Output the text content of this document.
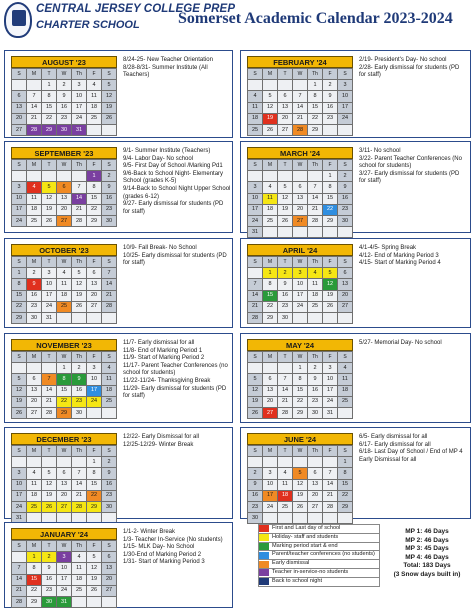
CENTRAL JERSEY COLLEGE PREP
CHARTER SCHOOL Somerset Academic Calendar 2023-2024
AUGUST '23
S	M	T	W	Th	F	S
		1	2	3	4	5
6	7	8	9	10	11	12
13	14	15	16	17	18	19
20	21	22	23	24	25	26
27	28	29	30	31		
8/24-25- New Teacher Orientation
8/28-8/31- Summer Institute (All Teachers)
FEBRUARY '24
S	M	T	W	Th	F	S
				1	2	3
4	5	6	7	8	9	10
11	12	13	14	15	16	17
18	19	20	21	22	23	24
25	26	27	28	29		
2/19- President's Day- No school
2/28- Early dismissal for students (PD for staff)
SEPTEMBER '23
S	M	T	W	Th	F	S
					1	2
3	4	5	6	7	8	9
10	11	12	13	14	15	16
17	18	19	20	21	22	23
24	25	26	27	28	29	30
9/1- Summer Institute (Teachers)
9/4- Labor Day- No school
9/5- First Day of School /Marking Pd1
9/6-Back to School Night- Elementary School (grades K-5)
9/14-Back to School Night Upper School (grades 6-12)
9/27- Early dismissal for students (PD for staff)
MARCH '24
S	M	T	W	Th	F	S
					1	2
3	4	5	6	7	8	9
10	11	12	13	14	15	16
17	18	19	20	21	22	23
24	25	26	27	28	29	30
31						
3/11- No school
3/22- Parent Teacher Conferences (No school for students)
3/27- Early dismissal for students (PD for staff)
OCTOBER '23
S	M	T	W	Th	F	S
1	2	3	4	5	6	7
8	9	10	11	12	13	14
15	16	17	18	19	20	21
22	23	24	25	26	27	28
29	30	31				
10/9- Fall Break- No School
10/25- Early dismissal for students (PD for staff)
APRIL '24
S	M	T	W	Th	F	S
	1	2	3	4	5	6
7	8	9	10	11	12	13
14	15	16	17	18	19	20
21	22	23	24	25	26	27
28	29	30				
4/1-4/5- Spring Break
4/12- End of Marking Period 3
4/15- Start of Marking Period 4
NOVEMBER '23
S	M	T	W	Th	F	S
			1	2	3	4
5	6	7	8	9	10	11
12	13	14	15	16	17	18
19	20	21	22	23	24	25
26	27	28	29	30		
11/7- Early dismissal for all
11/8- End of Marking Period 1
11/9- Start of Marking Period 2
11/17- Parent Teacher Conferences (no school for students)
11/22-11/24- Thanksgiving Break
11/29- Early dismissal for students (PD for staff)
MAY '24
S	M	T	W	Th	F	S
			1	2	3	4
5	6	7	8	9	10	11
12	13	14	15	16	17	18
19	20	21	22	23	24	25
26	27	28	29	30	31	
5/27- Memorial Day- No school
DECEMBER '23
S	M	T	W	Th	F	S
					1	2
3	4	5	6	7	8	9
10	11	12	13	14	15	16
17	18	19	20	21	22	23
24	25	26	27	28	29	30
31						
12/22- Early Dismissal for all
12/25-12/29- Winter Break
JUNE '24
S	M	T	W	Th	F	S
						1
2	3	4	5	6	7	8
9	10	11	12	13	14	15
16	17	18	19	20	21	22
23	24	25	26	27	28	29
30						
6/5- Early dismissal for all
6/17- Early dismissal for all
6/18- Last Day of School / End of MP 4 Early Dismissal for all
JANUARY '24
S	M	T	W	Th	F	S
	1	2	3	4	5	6
7	8	9	10	11	12	13
14	15	16	17	18	19	20
21	22	23	24	25	26	27
28	29	30	31			
1/1-2- Winter Break
1/3- Teacher In-Service (No students)
1/15- MLK Day- No School
1/30-End of Marking Period 2
1/31- Start of Marking Period 3
First and Last day of school
Holiday- staff and students
Marking period start & end
Parent/teacher conferences (no students)
Early dismissal
Teacher in-service-no students
Back to school night
MP 1: 46 Days
MP 2: 46 Days
MP 3: 45 Days
MP 4: 46 Days
Total: 183 Days
(3 Snow days built in)
